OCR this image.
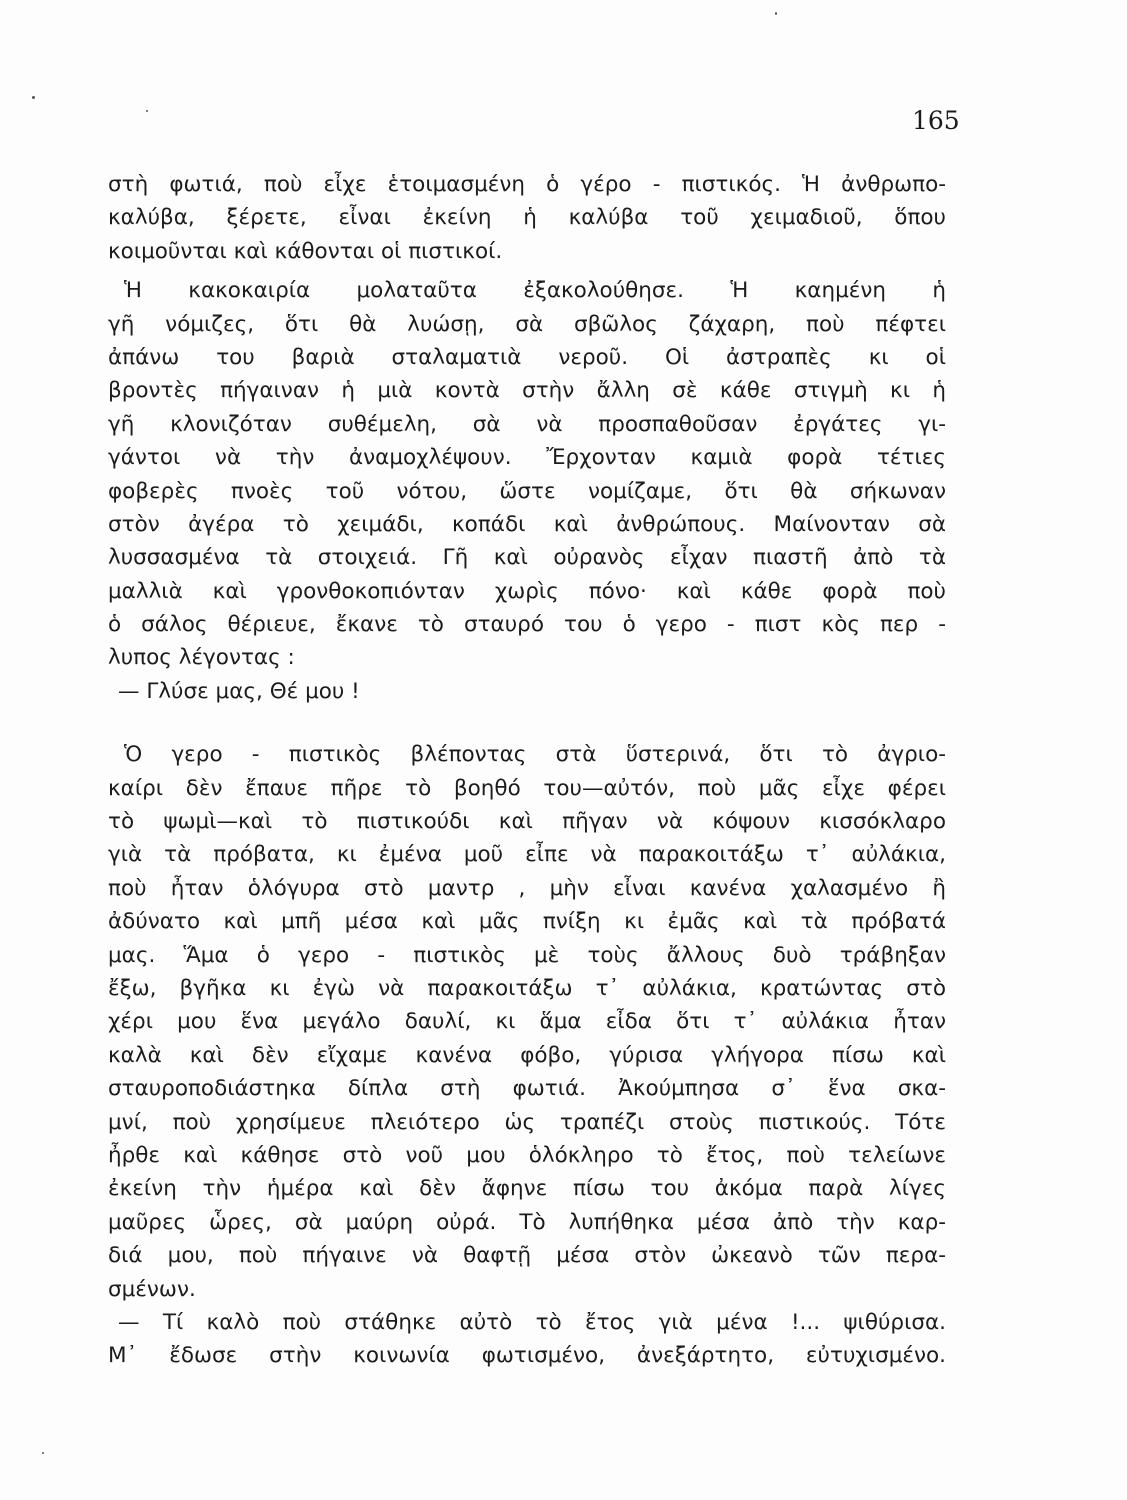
165
στὴ φωτιά, ποὺ εἶχε ἑτοιμασμένη ὁ γέρο - πιστικός. Ἡ ἀνθρωπο-
καλύβα, ξέρετε, εἶναι ἐκείνη ἡ καλύβα τοῦ χειμαδιοῦ, ὅπου
κοιμοῦνται καὶ κάθονται οἱ πιστικοί.
Ἡ κακοκαιρία μολαταῦτα ἐξακολούθησε. Ἡ καημένη ἡ
γῆ νόμιζες, ὅτι θὰ λυώσῃ, σὰ σβῶλος ζάχαρη, ποὺ πέφτει
ἀπάνω του βαριὰ σταλαματιὰ νεροῦ. Οἱ ἀστραπὲς κι οἱ
βροντὲς πήγαιναν ἡ μιὰ κοντὰ στὴν ἄλλη σὲ κάθε στιγμὴ κι ἡ
γῆ κλονιζόταν συθέμελη, σὰ νὰ προσπαθοῦσαν ἐργάτες γι-
γάντοι νὰ τὴν ἀναμοχλέψουν. Ἔρχονταν καμιὰ φορὰ τέτιες
φοβερὲς πνοὲς τοῦ νότου, ὥστε νομίζαμε, ὅτι θὰ σήκωναν
στὸν ἀγέρα τὸ χειμάδι, κοπάδι καὶ ἀνθρώπους. Μαίνονταν σὰ
λυσσασμένα τὰ στοιχειά. Γῆ καὶ οὐρανὸς εἶχαν πιαστῆ ἀπὸ τὰ
μαλλιὰ καὶ γρονθοκοπιόνταν χωρὶς πόνο· καὶ κάθε φορὰ ποὺ
ὁ σάλος θέριευε, ἔκανε τὸ σταυρό του ὁ γερο - πιστ κὸς περ -
λυπος λέγοντας :
— Γλύσε μας, Θέ μου !
Ὁ γερο - πιστικὸς βλέποντας στὰ ὕστερινά, ὅτι τὸ ἀγριο-
καίρι δὲν ἔπαυε πῆρε τὸ βοηθό του—αὐτόν, ποὺ μᾶς εἶχε φέρει
τὸ ψωμὶ—καὶ τὸ πιστικούδι καὶ πῆγαν νὰ κόψουν κισσόκλαρο
γιὰ τὰ πρόβατα, κι ἐμένα μοῦ εἶπε νὰ παρακοιτάξω τ᾽ αὐλάκια,
ποὺ ἦταν ὁλόγυρα στὸ μαντρ , μὴν εἶναι κανένα χαλασμένο ἢ
ἀδύνατο καὶ μπῆ μέσα καὶ μᾶς πνίξη κι ἐμᾶς καὶ τὰ πρόβατά
μας. Ἅμα ὁ γερο - πιστικὸς μὲ τοὺς ἄλλους δυὸ τράβηξαν
ἔξω, βγῆκα κι ἐγὼ νὰ παρακοιτάξω τ᾽ αὐλάκια, κρατώντας στὸ
χέρι μου ἕνα μεγάλο δαυλί, κι ἅμα εἶδα ὅτι τ᾽ αὐλάκια ἦταν
καλὰ καὶ δὲν εἴχαμε κανένα φόβο, γύρισα γλήγορα πίσω καὶ
σταυροποδιάστηκα δίπλα στὴ φωτιά. Ἀκούμπησα σ᾽ ἕνα σκα-
μνί, ποὺ χρησίμευε πλειότερο ὡς τραπέζι στοὺς πιστικούς. Τότε
ἦρθε καὶ κάθησε στὸ νοῦ μου ὁλόκληρο τὸ ἔτος, ποὺ τελείωνε
ἐκείνη τὴν ἡμέρα καὶ δὲν ἄφηνε πίσω του ἀκόμα παρὰ λίγες
μαῦρες ὧρες, σὰ μαύρη οὐρά. Τὸ λυπήθηκα μέσα ἀπὸ τὴν καρ-
διά μου, ποὺ πήγαινε νὰ θαφτῇ μέσα στὸν ὠκεανὸ τῶν περα-
σμένων.
— Τί καλὸ ποὺ στάθηκε αὐτὸ τὸ ἔτος γιὰ μένα !... ψιθύρισα.
Μ᾽ ἔδωσε στὴν κοινωνία φωτισμένο, ἀνεξάρτητο, εὐτυχισμένο.
